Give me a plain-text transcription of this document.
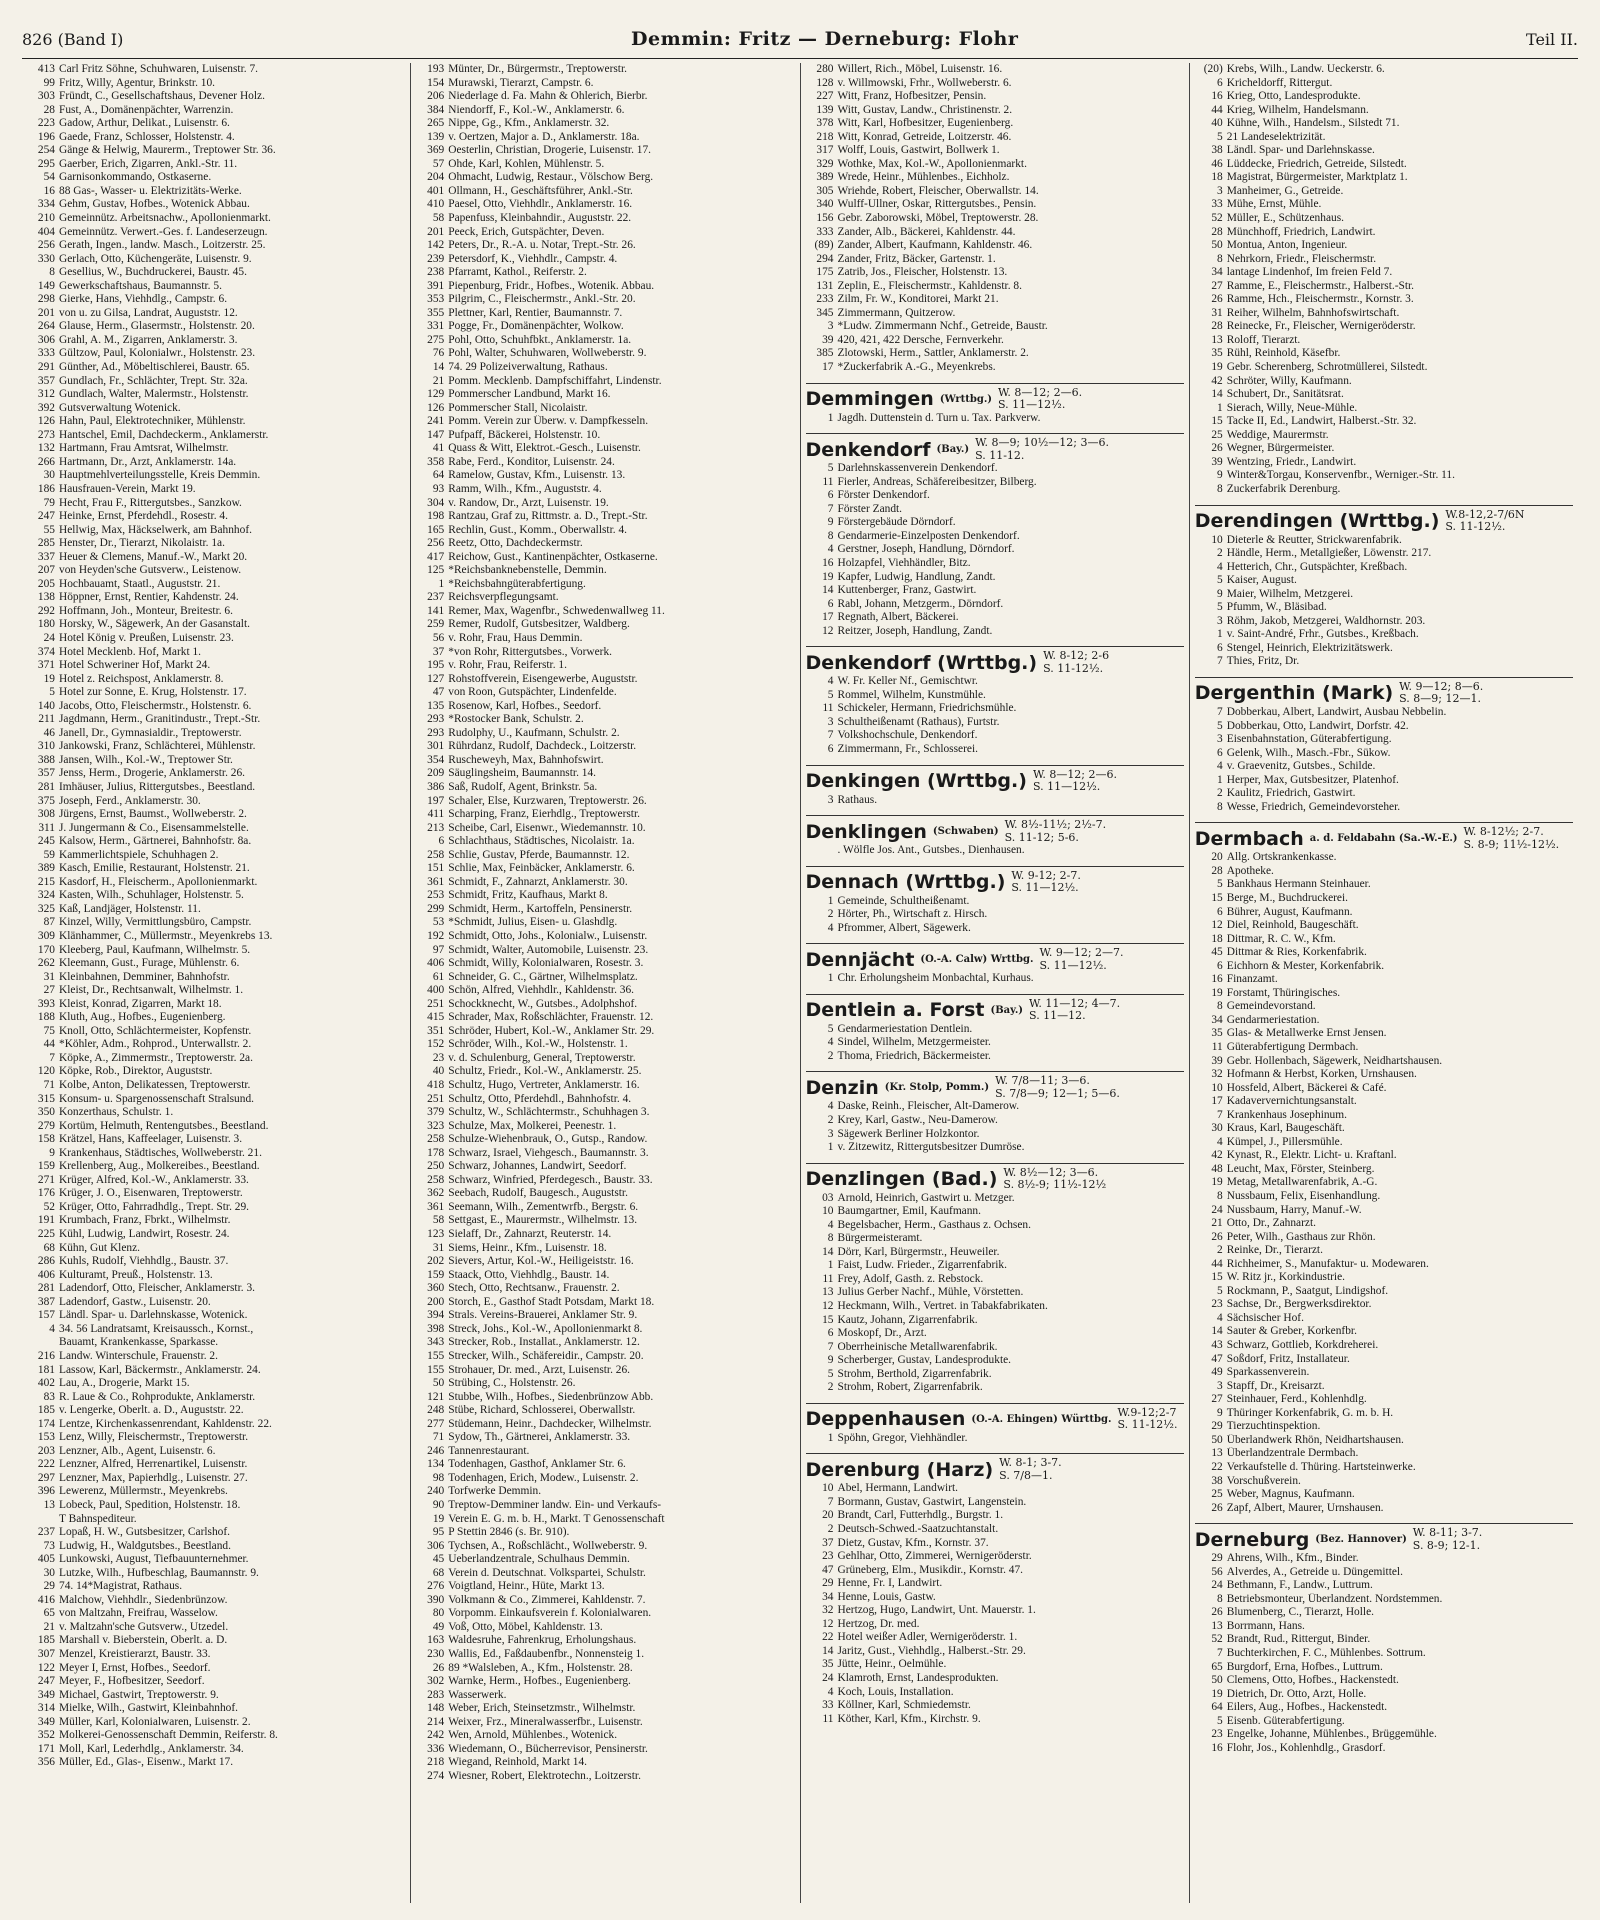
826 (Band I)	Demmin: Fritz — Derneburg: Flohr	Teil II.
413 Carl Fritz Söhne, Schuhwaren, Luisenstr. 7.
99 Fritz, Willy, Agentur, Brinkstr. 10.
303 Fründt, C., Gesellschaftshaus, Devener Holz.
28 Fust, A., Domänenpächter, Warrenzin.
223 Gadow, Arthur, Delikat., Luisenstr. 6.
196 Gaede, Franz, Schlosser, Holstenstr. 4.
254 Gänge & Helwig, Maurerm., Treptower Str. 36.
295 Gaerber, Erich, Zigarren, Ankl.-Str. 11.
54 Garnisonkommando, Ostkaserne.
16 88 Gas-, Wasser- u. Elektrizitäts-Werke.
334 Gehm, Gustav, Hofbes., Wotenick Abbau.
210 Gemeinnütz. Arbeitsnachw., Apollonienmarkt.
404 Gemeinnütz. Verwert.-Ges. f. Landeserzeugn.
256 Gerath, Ingen., landw. Masch., Loitzerstr. 25.
330 Gerlach, Otto, Küchengeräte, Luisenstr. 9.
8 Gesellius, W., Buchdruckerei, Baustr. 45.
149 Gewerkschaftshaus, Baumannstr. 5.
298 Gierke, Hans, Viehhdlg., Campstr. 6.
201 von u. zu Gilsa, Landrat, Auguststr. 12.
264 Glause, Herm., Glasermstr., Holstenstr. 20.
306 Grahl, A. M., Zigarren, Anklamerstr. 3.
333 Gültzow, Paul, Kolonialwr., Holstenstr. 23.
291 Günther, Ad., Möbeltischlerei, Baustr. 65.
357 Gundlach, Fr., Schlächter, Trept. Str. 32a.
312 Gundlach, Walter, Malermstr., Holstenstr.
392 Gutsverwaltung Wotenick.
126 Hahn, Paul, Elektrotechniker, Mühlenstr.
273 Hantschel, Emil, Dachdeckerm., Anklamerstr.
132 Hartmann, Frau Amtsrat, Wilhelmstr.
266 Hartmann, Dr., Arzt, Anklamerstr. 14a.
30 Hauptmehlverteilungsstelle, Kreis Demmin.
186 Hausfrauen-Verein, Markt 19.
79 Hecht, Frau F., Rittergutsbes., Sanzkow.
247 Heinke, Ernst, Pferdehdl., Rosestr. 4.
55 Hellwig, Max, Häckselwerk, am Bahnhof.
285 Henster, Dr., Tierarzt, Nikolaistr. 1a.
337 Heuer & Clemens, Manuf.-W., Markt 20.
207 von Heyden'sche Gutsverw., Leistenow.
205 Hochbauamt, Staatl., Auguststr. 21.
138 Höppner, Ernst, Rentier, Kahdenstr. 24.
292 Hoffmann, Joh., Monteur, Breitestr. 6.
180 Horsky, W., Sägewerk, An der Gasanstalt.
24 Hotel König v. Preußen, Luisenstr. 23.
374 Hotel Mecklenb. Hof, Markt 1.
371 Hotel Schweriner Hof, Markt 24.
19 Hotel z. Reichspost, Anklamerstr. 8.
5 Hotel zur Sonne, E. Krug, Holstenstr. 17.
140 Jacobs, Otto, Fleischermstr., Holstenstr. 6.
211 Jagdmann, Herm., Granitindustr., Trept.-Str.
46 Janell, Dr., Gymnasialdir., Treptowerstr.
310 Jankowski, Franz, Schlächterei, Mühlenstr.
388 Jansen, Wilh., Kol.-W., Treptower Str.
357 Jenss, Herm., Drogerie, Anklamerstr. 26.
281 Imhäuser, Julius, Rittergutsbes., Beestland.
375 Joseph, Ferd., Anklamerstr. 30.
308 Jürgens, Ernst, Baumst., Wollweberstr. 2.
311 J. Jungermann & Co., Eisensammelstelle.
245 Kalsow, Herm., Gärtnerei, Bahnhofstr. 8a.
59 Kammerlichtspiele, Schuhhagen 2.
389 Kasch, Emilie, Restaurant, Holstenstr. 21.
215 Kasdorf, H., Fleischerm., Apollonienmarkt.
324 Kasten, Wilh., Schuhlager, Holstenstr. 5.
325 Kaß, Landjäger, Holstenstr. 11.
87 Kinzel, Willy, Vermittlungsbüro, Campstr.
309 Klänhammer, C., Müllermstr., Meyenkrebs 13.
170 Kleeberg, Paul, Kaufmann, Wilhelmstr. 5.
262 Kleemann, Gust., Furage, Mühlenstr. 6.
31 Kleinbahnen, Demminer, Bahnhofstr.
27 Kleist, Dr., Rechtsanwalt, Wilhelmstr. 1.
393 Kleist, Konrad, Zigarren, Markt 18.
188 Kluth, Aug., Hofbes., Eugenienberg.
75 Knoll, Otto, Schlächtermeister, Kopfenstr.
44 *Köhler, Adm., Rohprod., Unterwallstr. 2.
7 Köpke, A., Zimmermstr., Treptowerstr. 2a.
120 Köpke, Rob., Direktor, Auguststr.
71 Kolbe, Anton, Delikatessen, Treptowerstr.
315 Konsum- u. Spargenossenschaft Stralsund.
350 Konzerthaus, Schulstr. 1.
279 Kortüm, Helmuth, Rentengutsbes., Beestland.
158 Krätzel, Hans, Kaffeelager, Luisenstr. 3.
9 Krankenhaus, Städtisches, Wollweberstr. 21.
159 Krellenberg, Aug., Molkereibes., Beestland.
271 Krüger, Alfred, Kol.-W., Anklamerstr. 33.
176 Krüger, J. O., Eisenwaren, Treptowerstr.
52 Krüger, Otto, Fahrradhdlg., Trept. Str. 29.
191 Krumbach, Franz, Fbrkt., Wilhelmstr.
225 Kühl, Ludwig, Landwirt, Rosestr. 24.
68 Kühn, Gut Klenz.
286 Kuhls, Rudolf, Viehhdlg., Baustr. 37.
406 Kulturamt, Preuß., Holstenstr. 13.
281 Ladendorf, Otto, Fleischer, Anklamerstr. 3.
387 Ladendorf, Gastw., Luisenstr. 20.
157 Ländl. Spar- u. Darlehnskasse, Wotenick.
4 34. 56 Landratsamt, Kreisaussch., Kornst.,
Bauamt, Krankenkasse, Sparkasse.
216 Landw. Winterschule, Frauenstr. 2.
181 Lassow, Karl, Bäckermstr., Anklamerstr. 24.
402 Lau, A., Drogerie, Markt 15.
83 R. Laue & Co., Rohprodukte, Anklamerstr.
185 v. Lengerke, Oberlt. a. D., Auguststr. 22.
174 Lentze, Kirchenkassenrendant, Kahldenstr. 22.
153 Lenz, Willy, Fleischermstr., Treptowerstr.
203 Lenzner, Alb., Agent, Luisenstr. 6.
222 Lenzner, Alfred, Herrenartikel, Luisenstr.
297 Lenzner, Max, Papierhdlg., Luisenstr. 27.
396 Lewerenz, Müllermstr., Meyenkrebs.
13 Lobeck, Paul, Spedition, Holstenstr. 18.
T Bahnspediteur.
237 Lopaß, H. W., Gutsbesitzer, Carlshof.
73 Ludwig, H., Waldgutsbes., Beestland.
405 Lunkowski, August, Tiefbauunternehmer.
30 Lutzke, Wilh., Hufbeschlag, Baumannstr. 9.
29 74. 14*Magistrat, Rathaus.
416 Malchow, Viehhdlr., Siedenbrünzow.
65 von Maltzahn, Freifrau, Wasselow.
21 v. Maltzahn'sche Gutsverw., Utzedel.
185 Marshall v. Bieberstein, Oberlt. a. D.
307 Menzel, Kreistierarzt, Baustr. 33.
122 Meyer I, Ernst, Hofbes., Seedorf.
247 Meyer, F., Hofbesitzer, Seedorf.
349 Michael, Gastwirt, Treptowerstr. 9.
314 Mielke, Wilh., Gastwirt, Kleinbahnhof.
349 Müller, Karl, Kolonialwaren, Luisenstr. 2.
352 Molkerei-Genossenschaft Demmin, Reiferstr. 8.
171 Moll, Karl, Lederhdlg., Anklamerstr. 34.
356 Müller, Ed., Glas-, Eisenw., Markt 17.
193 Münter, Dr., Bürgermstr., Treptowerstr.
154 Murawski, Tierarzt, Campstr. 6.
206 Niederlage d. Fa. Mahn & Ohlerich, Bierbr.
384 Niendorff, F., Kol.-W., Anklamerstr. 6.
265 Nippe, Gg., Kfm., Anklamerstr. 32.
139 v. Oertzen, Major a. D., Anklamerstr. 18a.
369 Oesterlin, Christian, Drogerie, Luisenstr. 17.
57 Ohde, Karl, Kohlen, Mühlenstr. 5.
204 Ohmacht, Ludwig, Restaur., Völschow Berg.
401 Ollmann, H., Geschäftsführer, Ankl.-Str.
410 Paesel, Otto, Viehhdlr., Anklamerstr. 16.
58 Papenfuss, Kleinbahndir., Auguststr. 22.
201 Peeck, Erich, Gutspächter, Deven.
142 Peters, Dr., R.-A. u. Notar, Trept.-Str. 26.
239 Petersdorf, K., Viehhdlr., Campstr. 4.
238 Pfarramt, Kathol., Reiferstr. 2.
391 Piepenburg, Fridr., Hofbes., Wotenik. Abbau.
353 Pilgrim, C., Fleischermstr., Ankl.-Str. 20.
355 Plettner, Karl, Rentier, Baumannstr. 7.
331 Pogge, Fr., Domänenpächter, Wolkow.
275 Pohl, Otto, Schuhfbkt., Anklamerstr. 1a.
76 Pohl, Walter, Schuhwaren, Wollweberstr. 9.
14 74. 29 Polizeiverwaltung, Rathaus.
21 Pomm. Mecklenb. Dampfschiffahrt, Lindenstr.
129 Pommerscher Landbund, Markt 16.
126 Pommerscher Stall, Nicolaistr.
241 Pomm. Verein zur Überw. v. Dampfkesseln.
147 Pufpaff, Bäckerei, Holstenstr. 10.
41 Quass & Witt, Elektrot.-Gesch., Luisenstr.
358 Rabe, Ferd., Konditor, Luisenstr. 24.
64 Ramelow, Gustav, Kfm., Luisenstr. 13.
93 Ramm, Wilh., Kfm., Auguststr. 4.
304 v. Randow, Dr., Arzt, Luisenstr. 19.
198 Rantzau, Graf zu, Rittmstr. a. D., Trept.-Str.
165 Rechlin, Gust., Komm., Oberwallstr. 4.
256 Reetz, Otto, Dachdeckermstr.
417 Reichow, Gust., Kantinenpächter, Ostkaserne.
125 *Reichsbanknebenstelle, Demmin.
1 *Reichsbahngüterabfertigung.
237 Reichsverpflegungsamt.
141 Remer, Max, Wagenfbr., Schwedenwallweg 11.
259 Remer, Rudolf, Gutsbesitzer, Waldberg.
56 v. Rohr, Frau, Haus Demmin.
37 *von Rohr, Rittergutsbes., Vorwerk.
195 v. Rohr, Frau, Reiferstr. 1.
127 Rohstoffverein, Eisengewerbe, Auguststr.
47 von Roon, Gutspächter, Lindenfelde.
135 Rosenow, Karl, Hofbes., Seedorf.
293 *Rostocker Bank, Schulstr. 2.
293 Rudolphy, U., Kaufmann, Schulstr. 2.
301 Rührdanz, Rudolf, Dachdeck., Loitzerstr.
354 Ruscheweyh, Max, Bahnhofswirt.
209 Säuglingsheim, Baumannstr. 14.
386 Saß, Rudolf, Agent, Brinkstr. 5a.
197 Schaler, Else, Kurzwaren, Treptowerstr. 26.
411 Scharping, Franz, Eierhdlg., Treptowerstr.
213 Scheibe, Carl, Eisenwr., Wiedemannstr. 10.
6 Schlachthaus, Städtisches, Nicolaistr. 1a.
258 Schlie, Gustav, Pferde, Baumannstr. 12.
151 Schlie, Max, Feinbäcker, Anklamerstr. 6.
361 Schmidt, F., Zahnarzt, Anklamerstr. 30.
253 Schmidt, Fritz, Kaufhaus, Markt 8.
299 Schmidt, Herm., Kartoffeln, Pensinerstr.
53 *Schmidt, Julius, Eisen- u. Glashdlg.
192 Schmidt, Otto, Johs., Kolonialw., Luisenstr.
97 Schmidt, Walter, Automobile, Luisenstr. 23.
406 Schmidt, Willy, Kolonialwaren, Rosestr. 3.
61 Schneider, G. C., Gärtner, Wilhelmsplatz.
400 Schön, Alfred, Viehhdlr., Kahldenstr. 36.
251 Schockknecht, W., Gutsbes., Adolphshof.
415 Schrader, Max, Roßschlächter, Frauenstr. 12.
351 Schröder, Hubert, Kol.-W., Anklamer Str. 29.
152 Schröder, Wilh., Kol.-W., Holstenstr. 1.
23 v. d. Schulenburg, General, Treptowerstr.
40 Schultz, Friedr., Kol.-W., Anklamerstr. 25.
418 Schultz, Hugo, Vertreter, Anklamerstr. 16.
251 Schultz, Otto, Pferdehdl., Bahnhofstr. 4.
379 Schultz, W., Schlächtermstr., Schuhhagen 3.
323 Schulze, Max, Molkerei, Peenestr. 1.
258 Schulze-Wiehenbrauk, O., Gutsp., Randow.
178 Schwarz, Israel, Viehgesch., Baumannstr. 3.
250 Schwarz, Johannes, Landwirt, Seedorf.
258 Schwarz, Winfried, Pferdegesch., Baustr. 33.
362 Seebach, Rudolf, Baugesch., Auguststr.
361 Seemann, Wilh., Zementwrfb., Bergstr. 6.
58 Settgast, E., Maurermstr., Wilhelmstr. 13.
123 Sielaff, Dr., Zahnarzt, Reuterstr. 14.
31 Siems, Heinr., Kfm., Luisenstr. 18.
202 Sievers, Artur, Kol.-W., Heiligeiststr. 16.
159 Staack, Otto, Viehhdlg., Baustr. 14.
360 Stech, Otto, Rechtsanw., Frauenstr. 2.
200 Storch, E., Gasthof Stadt Potsdam, Markt 18.
394 Strals. Vereins-Brauerei, Anklamer Str. 9.
398 Streck, Johs., Kol.-W., Apollonienmarkt 8.
343 Strecker, Rob., Installat., Anklamerstr. 12.
155 Strecker, Wilh., Schäfereidir., Campstr. 20.
155 Strohauer, Dr. med., Arzt, Luisenstr. 26.
50 Strübing, C., Holstenstr. 26.
121 Stubbe, Wilh., Hofbes., Siedenbrünzow Abb.
248 Stübe, Richard, Schlosserei, Oberwallstr.
277 Stüdemann, Heinr., Dachdecker, Wilhelmstr.
71 Sydow, Th., Gärtnerei, Anklamerstr. 33.
246 Tannenrestaurant.
134 Todenhagen, Gasthof, Anklamer Str. 6.
98 Todenhagen, Erich, Modew., Luisenstr. 2.
240 Torfwerke Demmin.
90 Treptow-Demminer landw. Ein- und Verkaufs-
19 Verein E. G. m. b. H., Markt. T Genossenschaft
95 P Stettin 2846 (s. Br. 910).
306 Tychsen, A., Roßschlächt., Wollweberstr. 9.
45 Ueberlandzentrale, Schulhaus Demmin.
68 Verein d. Deutschnat. Volkspartei, Schulstr.
276 Voigtland, Heinr., Hüte, Markt 13.
390 Volkmann & Co., Zimmerei, Kahldenstr. 7.
80 Vorpomm. Einkaufsverein f. Kolonialwaren.
49 Voß, Otto, Möbel, Kahldenstr. 13.
163 Waldesruhe, Fahrenkrug, Erholungshaus.
230 Wallis, Ed., Faßdaubenfbr., Nonnensteig 1.
26 89 *Walsleben, A., Kfm., Holstenstr. 28.
302 Warnke, Herm., Hofbes., Eugenienberg.
283 Wasserwerk.
148 Weber, Erich, Steinsetzmstr., Wilhelmstr.
214 Weixer, Frz., Mineralwasserfbr., Luisenstr.
242 Wen, Arnold, Mühlenbes., Wotenick.
336 Wiedemann, O., Bücherrevisor, Pensinerstr.
218 Wiegand, Reinhold, Markt 14.
274 Wiesner, Robert, Elektrotechn., Loitzerstr.
280 Willert, Rich., Möbel, Luisenstr. 16.
128 v. Willmowski, Frhr., Wollweberstr. 6.
227 Witt, Franz, Hofbesitzer, Pensin.
139 Witt, Gustav, Landw., Christinenstr. 2.
378 Witt, Karl, Hofbesitzer, Eugenienberg.
218 Witt, Konrad, Getreide, Loitzerstr. 46.
317 Wolff, Louis, Gastwirt, Bollwerk 1.
329 Wothke, Max, Kol.-W., Apollonienmarkt.
389 Wrede, Heinr., Mühlenbes., Eichholz.
305 Wriehde, Robert, Fleischer, Oberwallstr. 14.
340 Wulff-Ullner, Oskar, Rittergutsbes., Pensin.
156 Gebr. Zaborowski, Möbel, Treptowerstr. 28.
333 Zander, Alb., Bäckerei, Kahldenstr. 44.
(89) Zander, Albert, Kaufmann, Kahldenstr. 46.
294 Zander, Fritz, Bäcker, Gartenstr. 1.
175 Zatrib, Jos., Fleischer, Holstenstr. 13.
131 Zeplin, E., Fleischermstr., Kahldenstr. 8.
233 Zilm, Fr. W., Konditorei, Markt 21.
345 Zimmermann, Quitzerow.
3 *Ludw. Zimmermann Nchf., Getreide, Baustr.
39 420, 421, 422 Dersche, Fernverkehr.
385 Zlotowski, Herm., Sattler, Anklamerstr. 2.
17 *Zuckerfabrik A.-G., Meyenkrebs.
Demmingen (Wrttbg.)
W. 8—12; 2—6.
S. 11—12½.
1 Jagdh. Duttenstein d. Turn u. Tax. Parkverw.
Denkendorf (Bay.)
W. 8—9; 10½—12; 3—6.
S. 11-12.
5 Darlehnskassenverein Denkendorf.
11 Fierler, Andreas, Schäfereibesitzer, Bilberg.
6 Förster Denkendorf.
7 Förster Zandt.
9 Förstergebäude Dörndorf.
8 Gendarmerie-Einzelposten Denkendorf.
4 Gerstner, Joseph, Handlung, Dörndorf.
16 Holzapfel, Viehhändler, Bitz.
19 Kapfer, Ludwig, Handlung, Zandt.
14 Kuttenberger, Franz, Gastwirt.
6 Rabl, Johann, Metzgerm., Dörndorf.
17 Regnath, Albert, Bäckerei.
12 Reitzer, Joseph, Handlung, Zandt.
Denkendorf (Wrttbg.) W. 8-12; 2-6
S. 11-12½.
4 W. Fr. Keller Nf., Gemischtwr.
5 Rommel, Wilhelm, Kunstmühle.
11 Schickeler, Hermann, Friedrichsmühle.
3 Schultheißenamt (Rathaus), Furtstr.
7 Volkshochschule, Denkendorf.
6 Zimmermann, Fr., Schlosserei.
Denkingen (Wrttbg.) W. 8—12; 2—6.
S. 11—12½.
3 Rathaus.
Denklingen (Schwaben)
W. 8½-11½; 2½-7.
S. 11-12; 5-6.
. Wölfle Jos. Ant., Gutsbes., Dienhausen.
Dennach (Wrttbg.) W. 9-12; 2-7.
S. 11—12½.
1 Gemeinde, Schultheißenamt.
2 Hörter, Ph., Wirtschaft z. Hirsch.
4 Pfrommer, Albert, Sägewerk.
Dennjächt (O.-A. Calw) Wrttbg.
W. 9—12; 2—7.
S. 11—12½.
1 Chr. Erholungsheim Monbachtal, Kurhaus.
Dentlein a. Forst (Bay.)
W. 11—12; 4—7.
S. 11—12.
5 Gendarmeriestation Dentlein.
4 Sindel, Wilhelm, Metzgermeister.
2 Thoma, Friedrich, Bäckermeister.
Denzin (Kr. Stolp, Pomm.)
W. 7/8—11; 3—6.
S. 7/8—9; 12—1; 5—6.
4 Daske, Reinh., Fleischer, Alt-Damerow.
2 Krey, Karl, Gastw., Neu-Damerow.
3 Sägewerk Berliner Holzkontor.
1 v. Zitzewitz, Rittergutsbesitzer Dumröse.
Denzlingen (Bad.) W. 8½—12; 3—6.
S. 8½-9; 11½-12½
03 Arnold, Heinrich, Gastwirt u. Metzger.
10 Baumgartner, Emil, Kaufmann.
4 Begelsbacher, Herm., Gasthaus z. Ochsen.
8 Bürgermeisteramt.
14 Dörr, Karl, Bürgermstr., Heuweiler.
1 Faist, Ludw. Frieder., Zigarrenfabrik.
11 Frey, Adolf, Gasth. z. Rebstock.
13 Julius Gerber Nachf., Mühle, Vörstetten.
12 Heckmann, Wilh., Vertret. in Tabakfabrikaten.
15 Kautz, Johann, Zigarrenfabrik.
6 Moskopf, Dr., Arzt.
7 Oberrheinische Metallwarenfabrik.
9 Scherberger, Gustav, Landesprodukte.
5 Strohm, Berthold, Zigarrenfabrik.
2 Strohm, Robert, Zigarrenfabrik.
Deppenhausen (O.-A. Ehingen) Württbg.
W.9-12;2-7
S. 11-12½.
1 Spöhn, Gregor, Viehhändler.
Derenburg (Harz) W. 8-1; 3-7.
S. 7/8—1.
10 Abel, Hermann, Landwirt.
7 Bormann, Gustav, Gastwirt, Langenstein.
20 Brandt, Carl, Futterhdlg., Burgstr. 1.
2 Deutsch-Schwed.-Saatzuchtanstalt.
37 Dietz, Gustav, Kfm., Kornstr. 37.
23 Gehlhar, Otto, Zimmerei, Wernigeröderstr.
47 Grüneberg, Elm., Musikdir., Kornstr. 47.
29 Henne, Fr. I, Landwirt.
34 Henne, Louis, Gastw.
32 Hertzog, Hugo, Landwirt, Unt. Mauerstr. 1.
12 Hertzog, Dr. med.
22 Hotel weißer Adler, Wernigeröderstr. 1.
14 Jaritz, Gust., Viehhdlg., Halberst.-Str. 29.
35 Jütte, Heinr., Oelmühle.
24 Klamroth, Ernst, Landesprodukten.
4 Koch, Louis, Installation.
33 Köllner, Karl, Schmiedemstr.
11 Köther, Karl, Kfm., Kirchstr. 9.
(20) Krebs, Wilh., Landw. Ueckerstr. 6.
6 Kricheldorff, Rittergut.
16 Krieg, Otto, Landesprodukte.
44 Krieg, Wilhelm, Handelsmann.
40 Kühne, Wilh., Handelsm., Silstedt 71.
5 21 Landeselektrizität.
38 Ländl. Spar- und Darlehnskasse.
46 Lüddecke, Friedrich, Getreide, Silstedt.
18 Magistrat, Bürgermeister, Marktplatz 1.
3 Manheimer, G., Getreide.
33 Mühe, Ernst, Mühle.
52 Müller, E., Schützenhaus.
28 Münchhoff, Friedrich, Landwirt.
50 Montua, Anton, Ingenieur.
8 Nehrkorn, Friedr., Fleischermstr.
34 lantage Lindenhof, Im freien Feld 7.
27 Ramme, E., Fleischermstr., Halberst.-Str.
26 Ramme, Hch., Fleischermstr., Kornstr. 3.
31 Reiher, Wilhelm, Bahnhofswirtschaft.
28 Reinecke, Fr., Fleischer, Wernigeröderstr.
13 Roloff, Tierarzt.
35 Rühl, Reinhold, Käsefbr.
19 Gebr. Scherenberg, Schrotmüllerei, Silstedt.
42 Schröter, Willy, Kaufmann.
14 Schubert, Dr., Sanitätsrat.
1 Sierach, Willy, Neue-Mühle.
15 Tacke II, Ed., Landwirt, Halberst.-Str. 32.
25 Weddige, Maurermstr.
26 Wegner, Bürgermeister.
39 Wentzing, Friedr., Landwirt.
9 Winter&Torgau, Konservenfbr., Werniger.-Str. 11.
8 Zuckerfabrik Derenburg.
Derendingen (Wrttbg.) W.8-12,2-7/6N
S. 11-12½.
10 Dieterle & Reutter, Strickwarenfabrik.
2 Händle, Herm., Metallgießer, Löwenstr. 217.
4 Hetterich, Chr., Gutspächter, Kreßbach.
5 Kaiser, August.
9 Maier, Wilhelm, Metzgerei.
5 Pfumm, W., Bläsibad.
3 Röhm, Jakob, Metzgerei, Waldhornstr. 203.
1 v. Saint-André, Frhr., Gutsbes., Kreßbach.
6 Stengel, Heinrich, Elektrizitätswerk.
7 Thies, Fritz, Dr.
Dergenthin (Mark) W. 9—12; 8—6.
S. 8—9; 12—1.
7 Dobberkau, Albert, Landwirt, Ausbau Nebbelin.
5 Dobberkau, Otto, Landwirt, Dorfstr. 42.
3 Eisenbahnstation, Güterabfertigung.
6 Gelenk, Wilh., Masch.-Fbr., Sükow.
4 v. Graevenitz, Gutsbes., Schilde.
1 Herper, Max, Gutsbesitzer, Platenhof.
2 Kaulitz, Friedrich, Gastwirt.
8 Wesse, Friedrich, Gemeindevorsteher.
Dermbach a. d. Feldabahn (Sa.-W.-E.)
W. 8-12½; 2-7.
S. 8-9; 11½-12½.
20 Allg. Ortskrankenkasse.
28 Apotheke.
5 Bankhaus Hermann Steinhauer.
15 Berge, M., Buchdruckerei.
6 Bührer, August, Kaufmann.
12 Diel, Reinhold, Baugeschäft.
18 Dittmar, R. C. W., Kfm.
45 Dittmar & Ries, Korkenfabrik.
6 Eichhorn & Mester, Korkenfabrik.
16 Finanzamt.
19 Forstamt, Thüringisches.
8 Gemeindevorstand.
34 Gendarmeriestation.
35 Glas- & Metallwerke Ernst Jensen.
11 Güterabfertigung Dermbach.
39 Gebr. Hollenbach, Sägewerk, Neidhartshausen.
32 Hofmann & Herbst, Korken, Urnshausen.
10 Hossfeld, Albert, Bäckerei & Café.
17 Kadaververnichtungsanstalt.
7 Krankenhaus Josephinum.
30 Kraus, Karl, Baugeschäft.
4 Kümpel, J., Pillersmühle.
42 Kynast, R., Elektr. Licht- u. Kraftanl.
48 Leucht, Max, Förster, Steinberg.
19 Metag, Metallwarenfabrik, A.-G.
8 Nussbaum, Felix, Eisenhandlung.
24 Nussbaum, Harry, Manuf.-W.
21 Otto, Dr., Zahnarzt.
26 Peter, Wilh., Gasthaus zur Rhön.
2 Reinke, Dr., Tierarzt.
44 Richheimer, S., Manufaktur- u. Modewaren.
15 W. Ritz jr., Korkindustrie.
5 Rockmann, P., Saatgut, Lindigshof.
23 Sachse, Dr., Bergwerksdirektor.
4 Sächsischer Hof.
14 Sauter & Greber, Korkenfbr.
43 Schwarz, Gottlieb, Korkdreherei.
47 Soßdorf, Fritz, Installateur.
49 Sparkassenverein.
3 Stapff, Dr., Kreisarzt.
27 Steinhauer, Ferd., Kohlenhdlg.
9 Thüringer Korkenfabrik, G. m. b. H.
29 Tierzuchtinspektion.
50 Überlandwerk Rhön, Neidhartshausen.
13 Überlandzentrale Dermbach.
22 Verkaufstelle d. Thüring. Hartsteinwerke.
38 Vorschußverein.
25 Weber, Magnus, Kaufmann.
26 Zapf, Albert, Maurer, Urnshausen.
Derneburg (Bez. Hannover)
W. 8-11; 3-7.
S. 8-9; 12-1.
29 Ahrens, Wilh., Kfm., Binder.
56 Alverdes, A., Getreide u. Düngemittel.
24 Bethmann, F., Landw., Luttrum.
8 Betriebsmonteur, Überlandzent. Nordstemmen.
26 Blumenberg, C., Tierarzt, Holle.
13 Borrmann, Hans.
52 Brandt, Rud., Rittergut, Binder.
7 Buchterkirchen, F. C., Mühlenbes. Sottrum.
65 Burgdorf, Erna, Hofbes., Luttrum.
50 Clemens, Otto, Hofbes., Hackenstedt.
19 Dietrich, Dr. Otto, Arzt, Holle.
64 Eilers, Aug., Hofbes., Hackenstedt.
5 Eisenb. Güterabfertigung.
23 Engelke, Johanne, Mühlenbes., Brüggemühle.
16 Flohr, Jos., Kohlenhdlg., Grasdorf.
